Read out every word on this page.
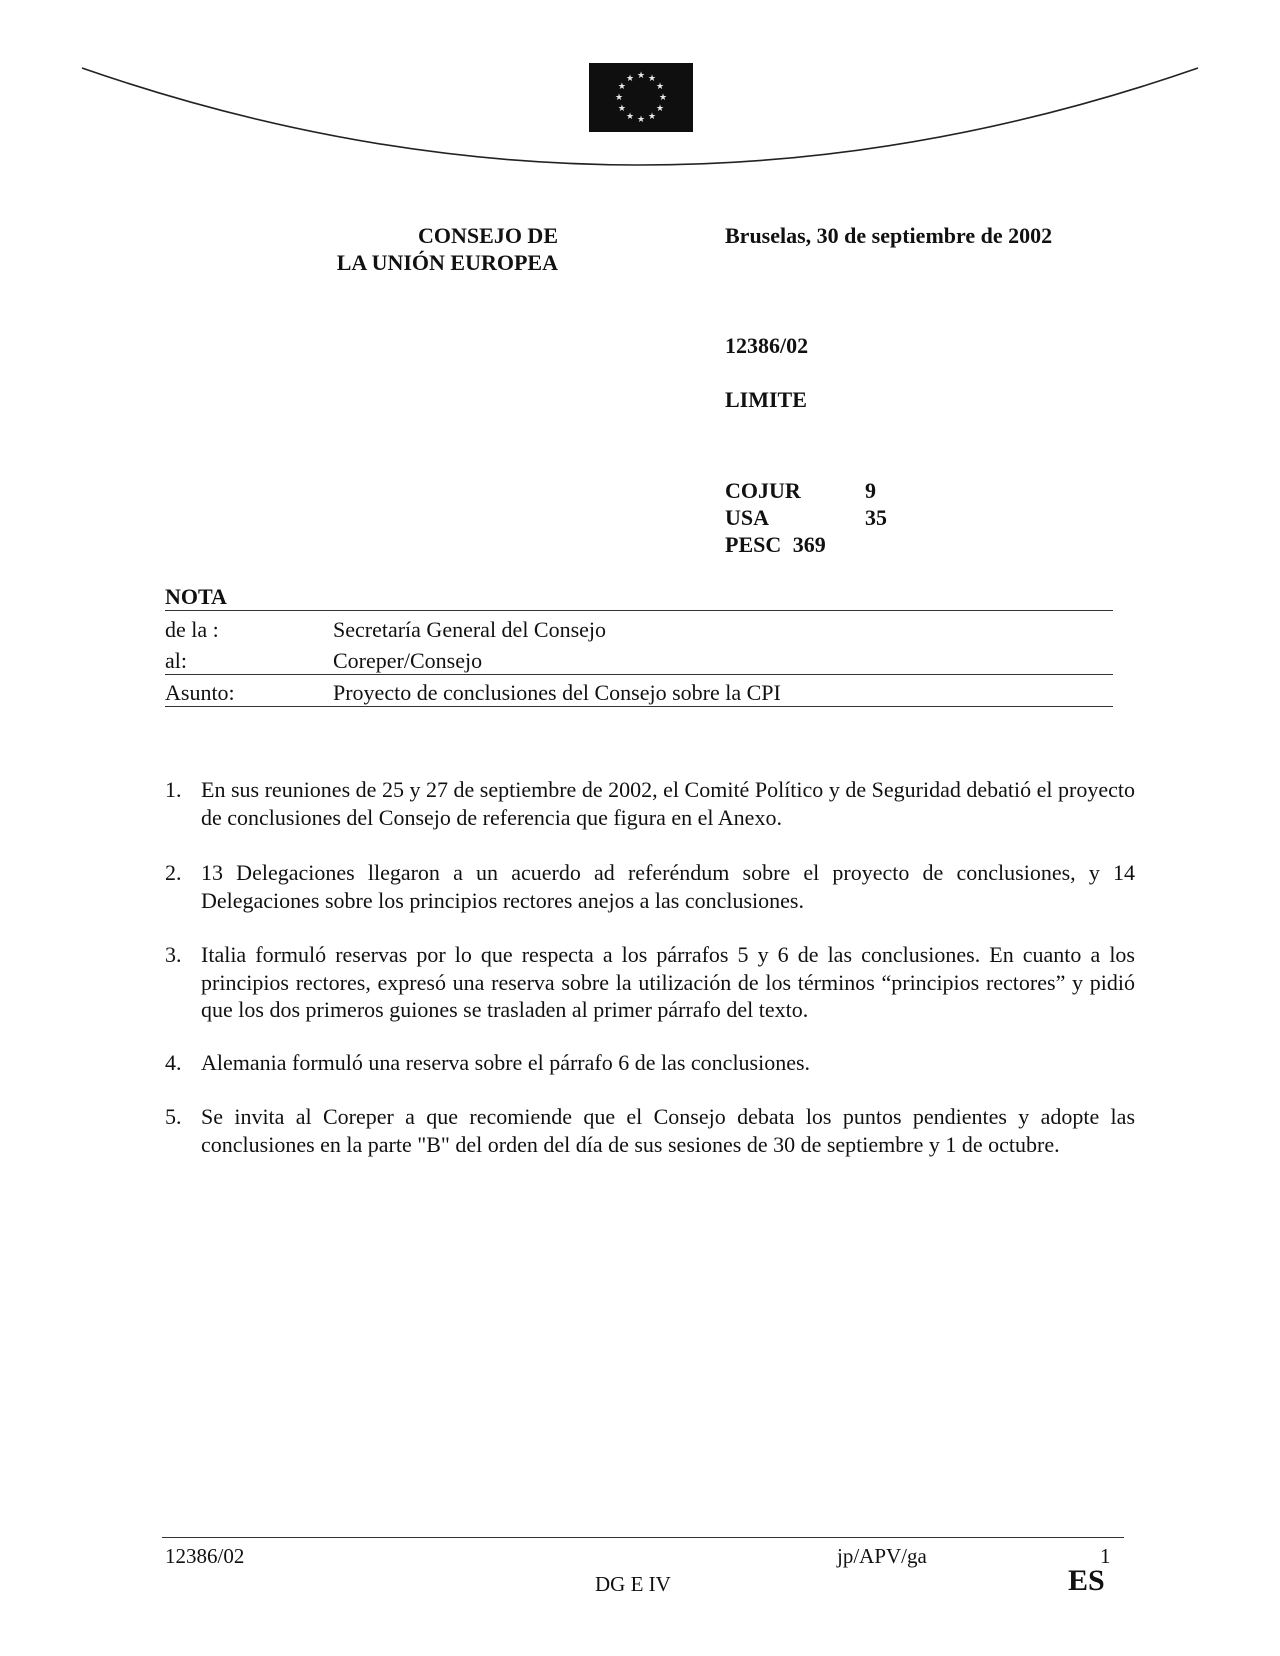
★ ★
★
★
★
★
★
★
★
★
★
★
CONSEJO DE
LA UNIÓN EUROPEA
Bruselas, 30 de septiembre de 2002
12386/02
LIMITE
COJUR	9
USA	35
PESC 369
NOTA
de la :	Secretaría General del Consejo
al:	Coreper/Consejo
Asunto:	Proyecto de conclusiones del Consejo sobre la CPI
1. En sus reuniones de 25 y 27 de septiembre de 2002, el Comité Político y de Seguridad debatió el proyecto de conclusiones del Consejo de referencia que figura en el Anexo.
2. 13 Delegaciones llegaron a un acuerdo ad referéndum sobre el proyecto de conclusiones, y 14 Delegaciones sobre los principios rectores anejos a las conclusiones.
3. Italia formuló reservas por lo que respecta a los párrafos 5 y 6 de las conclusiones. En cuanto a los principios rectores, expresó una reserva sobre la utilización de los términos “principios rectores” y pidió que los dos primeros guiones se trasladen al primer párrafo del texto.
4. Alemania formuló una reserva sobre el párrafo 6 de las conclusiones.
5. Se invita al Coreper a que recomiende que el Consejo debata los puntos pendientes y adopte las conclusiones en la parte "B" del orden del día de sus sesiones de 30 de septiembre y 1 de octubre.
12386/02	jp/APV/ga	1
DG E IV	ES
